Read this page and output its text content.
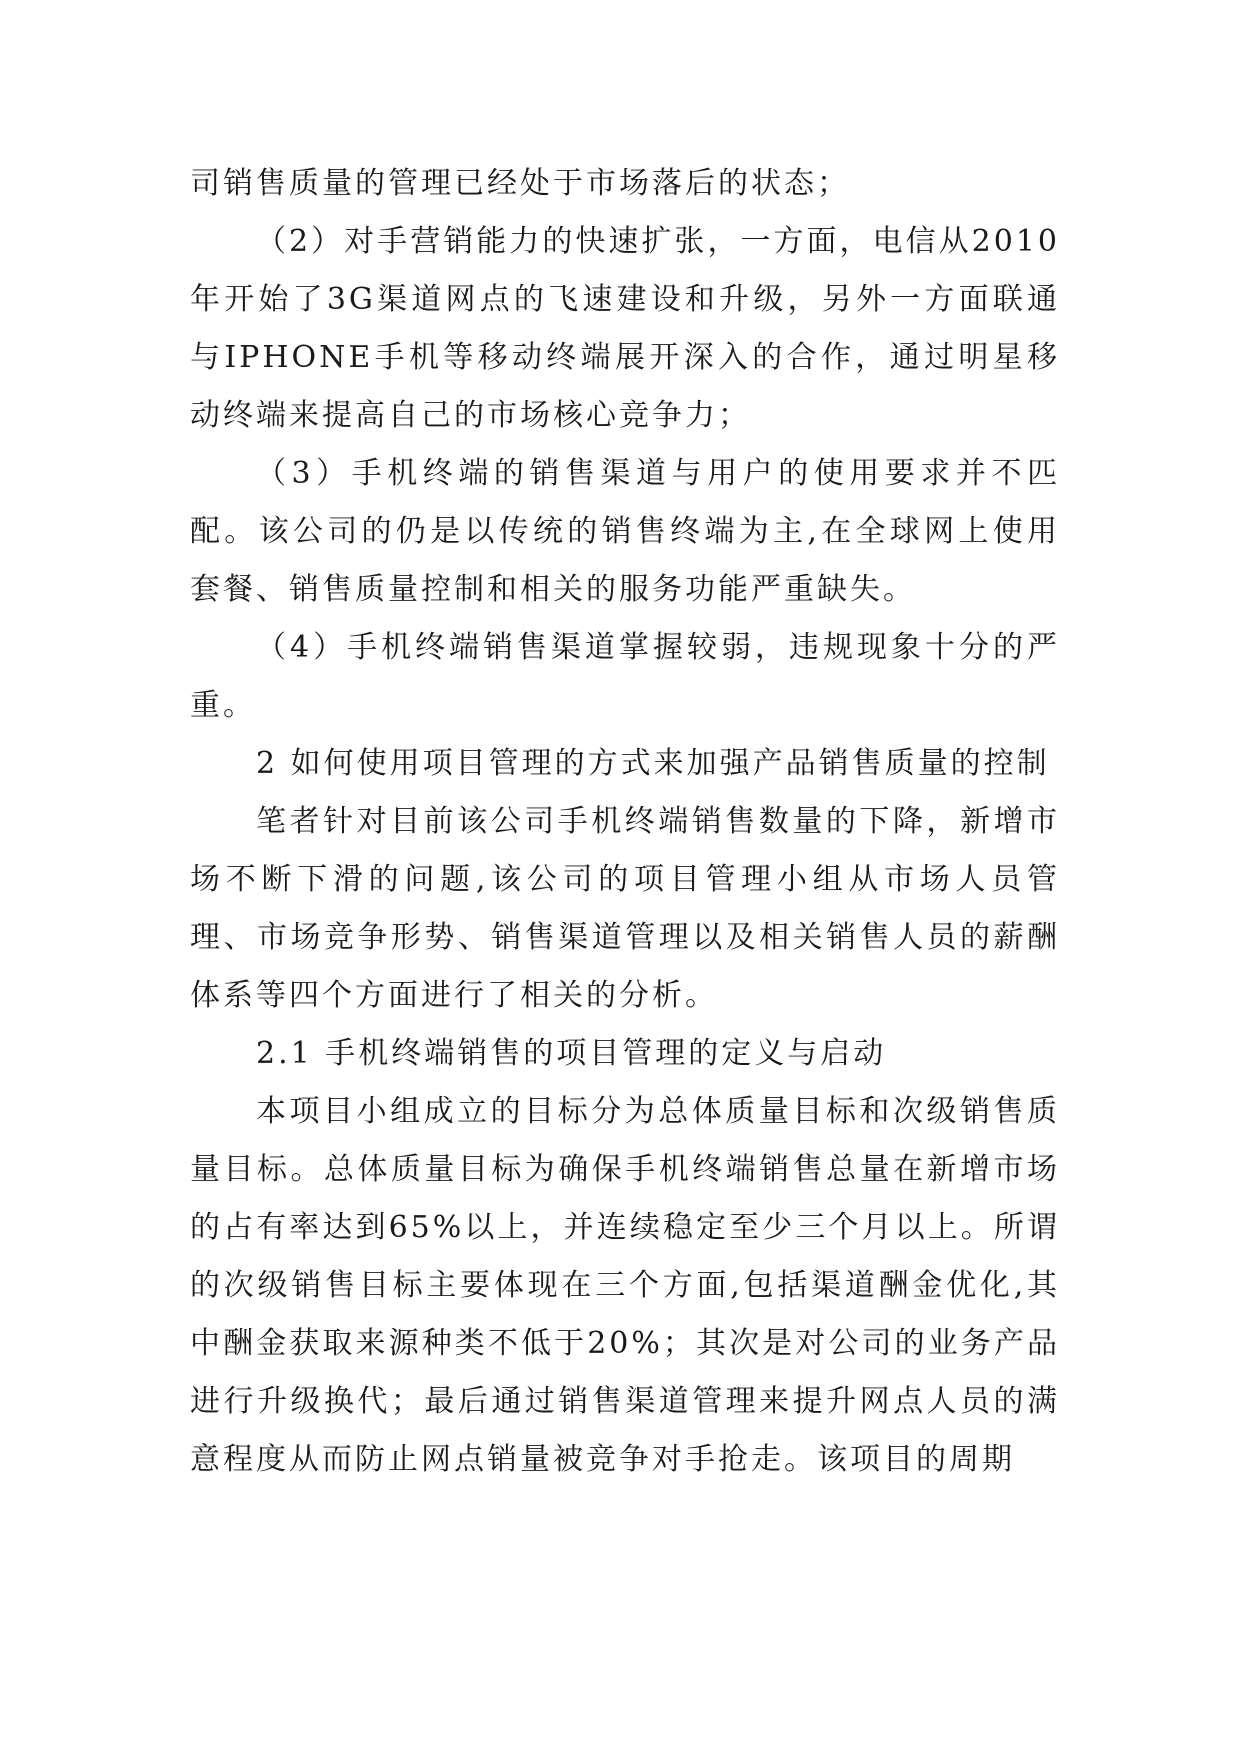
司销售质量的管理已经处于市场落后的状态；

（2）对手营销能力的快速扩张，一方面，电信从2010年开始了3G渠道网点的飞速建设和升级，另外一方面联通与IPHONE手机等移动终端展开深入的合作，通过明星移动终端来提高自己的市场核心竞争力；

（3）手机终端的销售渠道与用户的使用要求并不匹配。该公司的仍是以传统的销售终端为主,在全球网上使用套餐、销售质量控制和相关的服务功能严重缺失。

（4）手机终端销售渠道掌握较弱，违规现象十分的严重。

2 如何使用项目管理的方式来加强产品销售质量的控制

笔者针对目前该公司手机终端销售数量的下降，新增市场不断下滑的问题,该公司的项目管理小组从市场人员管理、市场竞争形势、销售渠道管理以及相关销售人员的薪酬体系等四个方面进行了相关的分析。

2.1 手机终端销售的项目管理的定义与启动

本项目小组成立的目标分为总体质量目标和次级销售质量目标。总体质量目标为确保手机终端销售总量在新增市场的占有率达到65%以上，并连续稳定至少三个月以上。所谓的次级销售目标主要体现在三个方面,包括渠道酬金优化,其中酬金获取来源种类不低于20%；其次是对公司的业务产品进行升级换代；最后通过销售渠道管理来提升网点人员的满意程度从而防止网点销量被竞争对手抢走。该项目的周期
